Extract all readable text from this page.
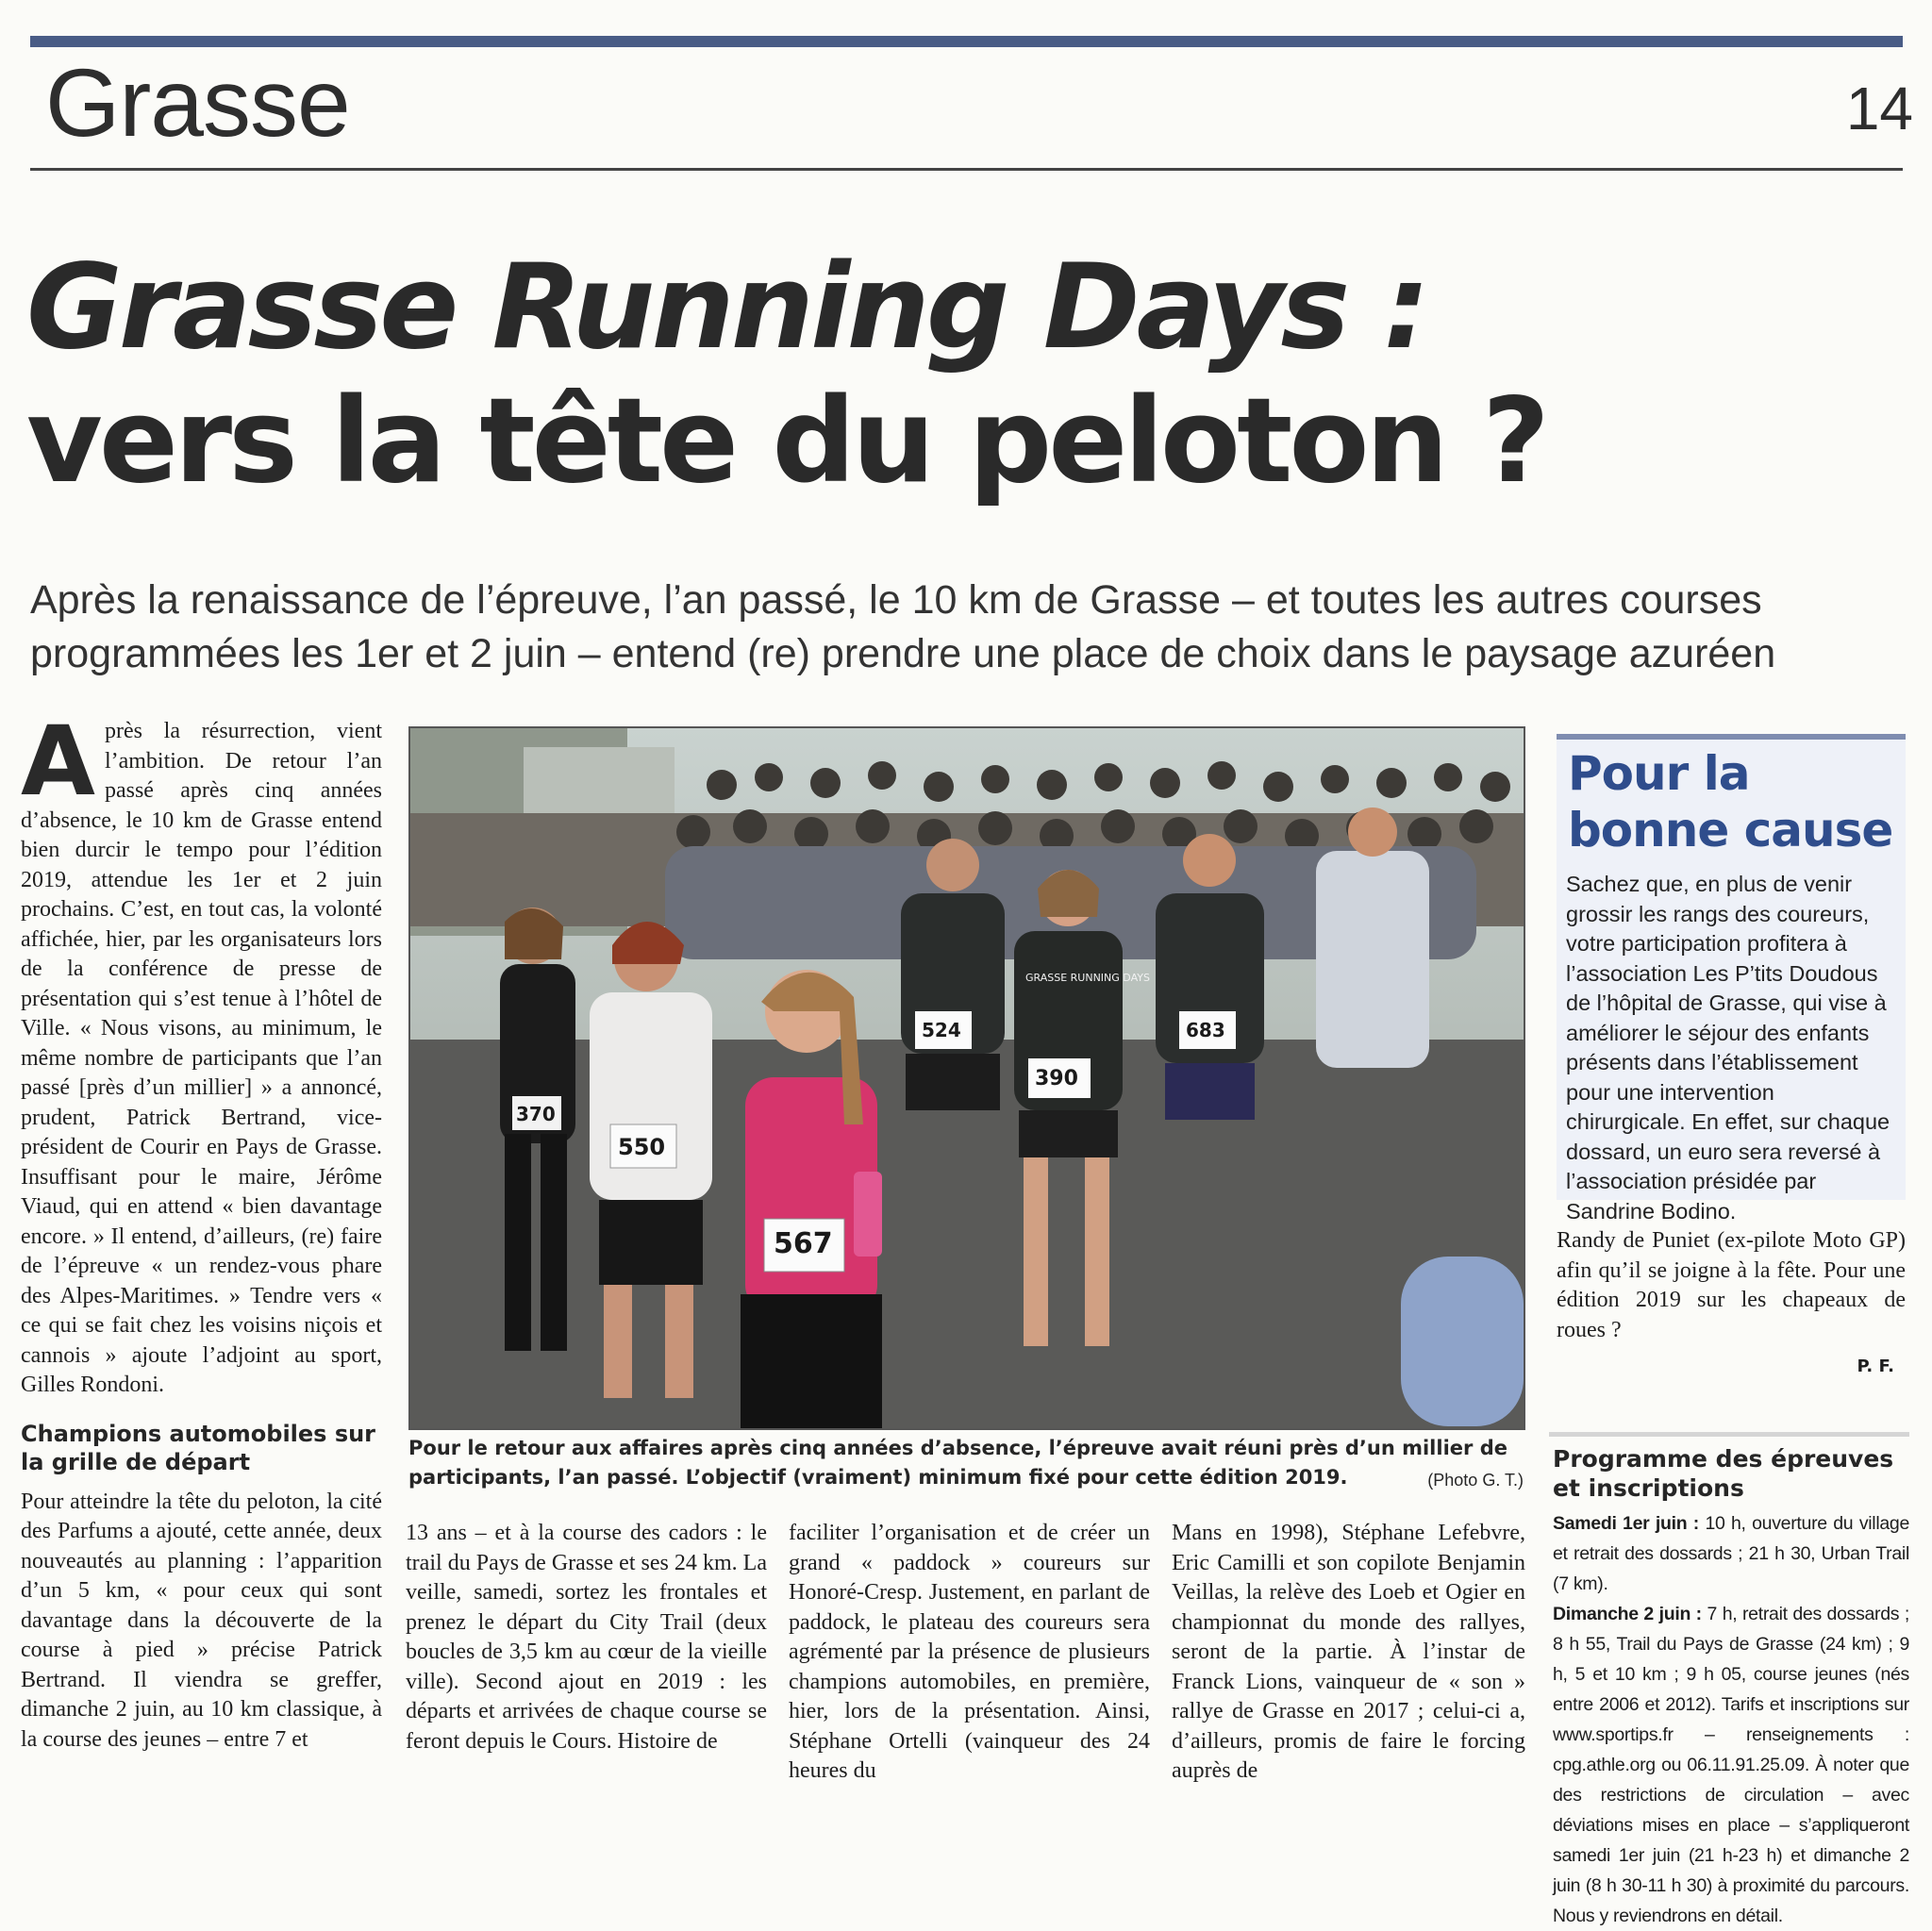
Grasse	14
Grasse Running Days :
vers la tête du peloton ?
Après la renaissance de l’épreuve, l’an passé, le 10 km de Grasse – et toutes les autres courses
programmées les 1er et 2 juin – entend (re) prendre une place de choix dans le paysage azuréen
A près la résurrection, vient l’ambition. De retour l’an passé après cinq années d’absence, le 10 km de Grasse entend bien durcir le tempo pour l’édition 2019, attendue les 1er et 2 juin prochains. C’est, en tout cas, la volonté affichée, hier, par les organisateurs lors de la conférence de presse de présentation qui s’est tenue à l’hôtel de Ville. « Nous visons, au minimum, le même nombre de participants que l’an passé [près d’un millier] » a annoncé, prudent, Patrick Bertrand, vice-président de Courir en Pays de Grasse. Insuffisant pour le maire, Jérôme Viaud, qui en attend « bien davantage encore. » Il entend, d’ailleurs, (re) faire de l’épreuve « un rendez-vous phare des Alpes-Maritimes. » Tendre vers « ce qui se fait chez les voisins niçois et cannois » ajoute l’adjoint au sport, Gilles Rondoni.

Champions automobiles sur la grille de départ

Pour atteindre la tête du peloton, la cité des Parfums a ajouté, cette année, deux nouveautés au planning : l’apparition d’un 5 km, « pour ceux qui sont davantage dans la découverte de la course à pied » précise Patrick Bertrand. Il viendra se greffer, dimanche 2 juin, au 10 km classique, à la course des jeunes – entre 7 et

13 ans – et à la course des cadors : le trail du Pays de Grasse et ses 24 km. La veille, samedi, sortez les frontales et prenez le départ du City Trail (deux boucles de 3,5 km au cœur de la vieille ville). Second ajout en 2019 : les départs et arrivées de chaque course se feront depuis le Cours. Histoire de

faciliter l’organisation et de créer un grand « paddock » coureurs sur Honoré-Cresp. Justement, en parlant de paddock, le plateau des coureurs sera agrémenté par la présence de plusieurs champions automobiles, en première, hier, lors de la présentation. Ainsi, Stéphane Ortelli (vainqueur des 24 heures du

Mans en 1998), Stéphane Lefebvre, Eric Camilli et son copilote Benjamin Veillas, la relève des Loeb et Ogier en championnat du monde des rallyes, seront de la partie. À l’instar de Franck Lions, vainqueur de « son » rallye de Grasse en 2017 ; celui-ci a, d’ailleurs, promis de faire le forcing auprès de

370
550
567
524
390
683
GRASSE RUNNING DAYS
Pour le retour aux affaires après cinq années d’absence, l’épreuve avait réuni près d’un millier de participants, l’an passé. L’objectif (vraiment) minimum fixé pour cette édition 2019.	(Photo G. T.)
Pour la
bonne cause
Sachez que, en plus de venir
grossir les rangs des coureurs,
votre participation profitera à
l’association Les P’tits Doudous
de l’hôpital de Grasse, qui vise à
améliorer le séjour des enfants
présents dans l’établissement
pour une intervention
chirurgicale. En effet, sur chaque
dossard, un euro sera reversé à
l’association présidée par
Sandrine Bodino.

Randy de Puniet (ex-pilote Moto GP) afin qu’il se joigne à la fête. Pour une édition 2019 sur les chapeaux de roues ?

P. F.
Programme des épreuves et inscriptions
Samedi 1er juin : 10 h, ouverture du village et retrait des dossards ; 21 h 30, Urban Trail (7 km).
Dimanche 2 juin : 7 h, retrait des dossards ; 8 h 55, Trail du Pays de Grasse (24 km) ; 9 h, 5 et 10 km ; 9 h 05, course jeunes (nés entre 2006 et 2012). Tarifs et inscriptions sur www.sportips.fr – renseignements : cpg.athle.org ou 06.11.91.25.09. À noter que des restrictions de circulation – avec déviations mises en place – s’appliqueront samedi 1er juin (21 h-23 h) et dimanche 2 juin (8 h 30-11 h 30) à proximité du parcours. Nous y reviendrons en détail.
